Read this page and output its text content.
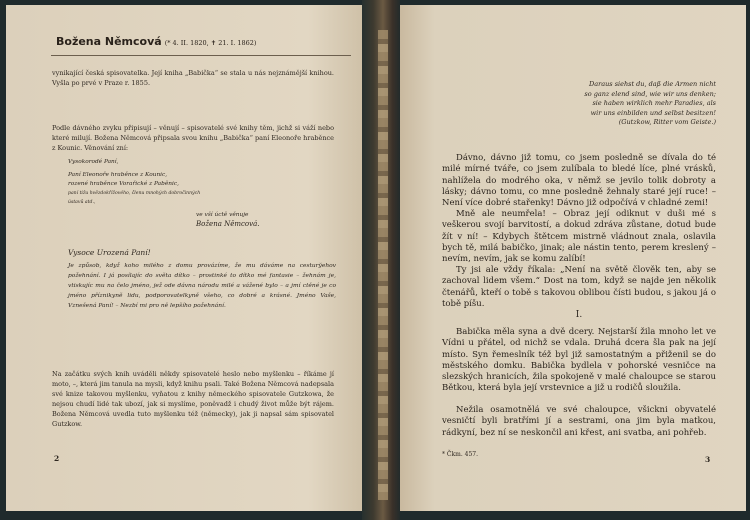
Božena Němcová (* 4. II. 1820, ✝ 21. I. 1862)
vynikající česká spisovatelka. Její kniha „Babička“ se stala u nás nejznámější knihou. Vyšla po prvé v Praze r. 1855.
Podle dávného zvyku připisují – věnují – spisovatelé své knihy těm, jichž si váží nebo které milují. Božena Němcová připsala svou knihu „Babička“ paní Eleonoře hraběnce z Kounic. Věnování zní:
Vysokorodé Paní,
Paní Eleonoře hraběnce z Kounic,
rozené hraběnce Vorařické z Paběnic,
paní tižu hvězdokřížového, členu mnohých dobročinných
ústavů atd.,
ve vší úctě věnuje
Božena Němcová.
Vysoce Urozená Paní!
Je způsob, když koho milého z domu provázíme, že mu dáváme na cestury̆ehov požehnání. I já posílajíc do světa dítko – prostinké to dítko mé fantasie – žehnám je, vtiskujíc mu na čelo jméno, jež ode dávna národu milé a vážené bylo – a jmí ctěné je co jméno příznikyně lidu, podporovatelkyně všeho, co dobré a krásné. Jméno Vaše, Vznešená Paní! – Nezbí mi pro ně lepšího požehnání.
Na začátku svých knih uváděli někdy spisovatelé heslo nebo myšlenku – říkáme jí moto, –, která jim tanula na mysli, když knihu psali. Také Božena Němcová nadepsala své knize takovou myšlenku, vyňatou z knihy německého spisovatele Gutzkowa, že nejsou chudí lidé tak ubozí, jak si myslíme, poněvadž i chudý život může být rájem. Božena Němcová uvedla tuto myšlenku též (německy), jak ji napsal sám spisovatel Gutzkow.
2
Daraus siehst du, daß die Armen nicht
so ganz elend sind, wie wir uns denken;
sie haben wirklich mehr Paradies, als
wir uns einbilden und selbst besitzen!
(Gutzkow, Ritter vom Geiste.)
Dávno, dávno již tomu, co jsem posledně se dívala do té milé mírné tváře, co jsem zulíbala to bledé líce, plné vrásků, nahlížela do modrého oka, v němž se jevilo tolik dobroty a lásky; dávno tomu, co mne posledně žehnaly staré její ruce! – Není více dobré stařenky! Dávno již odpočívá v chladné zemi!
Mně ale neumřela! – Obraz její odiknut v duši mé s veškerou svojí barvitostí, a dokud zdráva zůstane, dotud bude žít v ní! – Kdybych štětcem mistrně vládnout znala, oslavila bych tě, milá babičko, jinak; ale nástin tento, perem kreslený – nevím, nevím, jak se komu zalíbí!
Ty jsi ale vždy říkala: „Není na světě člověk ten, aby se zachoval lidem všem.“ Dost na tom, když se najde jen několik čtenářů, kteří o tobě s takovou oblibou čísti budou, s jakou já o tobě píšu.
I.
Babička měla syna a dvě dcery. Nejstarší žila mnoho let ve Vídni u přátel, od nichž se vdala. Druhá dcera šla pak na její místo. Syn řemeslník též byl již samostatným a přiženil se do městského domku. Babička bydlela v pohorské vesničce na slezských hranicích, žila spokojeně v malé chaloupce se starou Bětkou, která byla její vrstevnice a již u rodičů sloužila.
Nežila osamotnělá ve své chaloupce, všickni obyvatelé vesničtí byli bratřími jí a sestrami, ona jim byla matkou, rádkyní, bez ní se neskončil ani křest, ani svatba, ani pohřeb.
* Čkm. 457.
3
